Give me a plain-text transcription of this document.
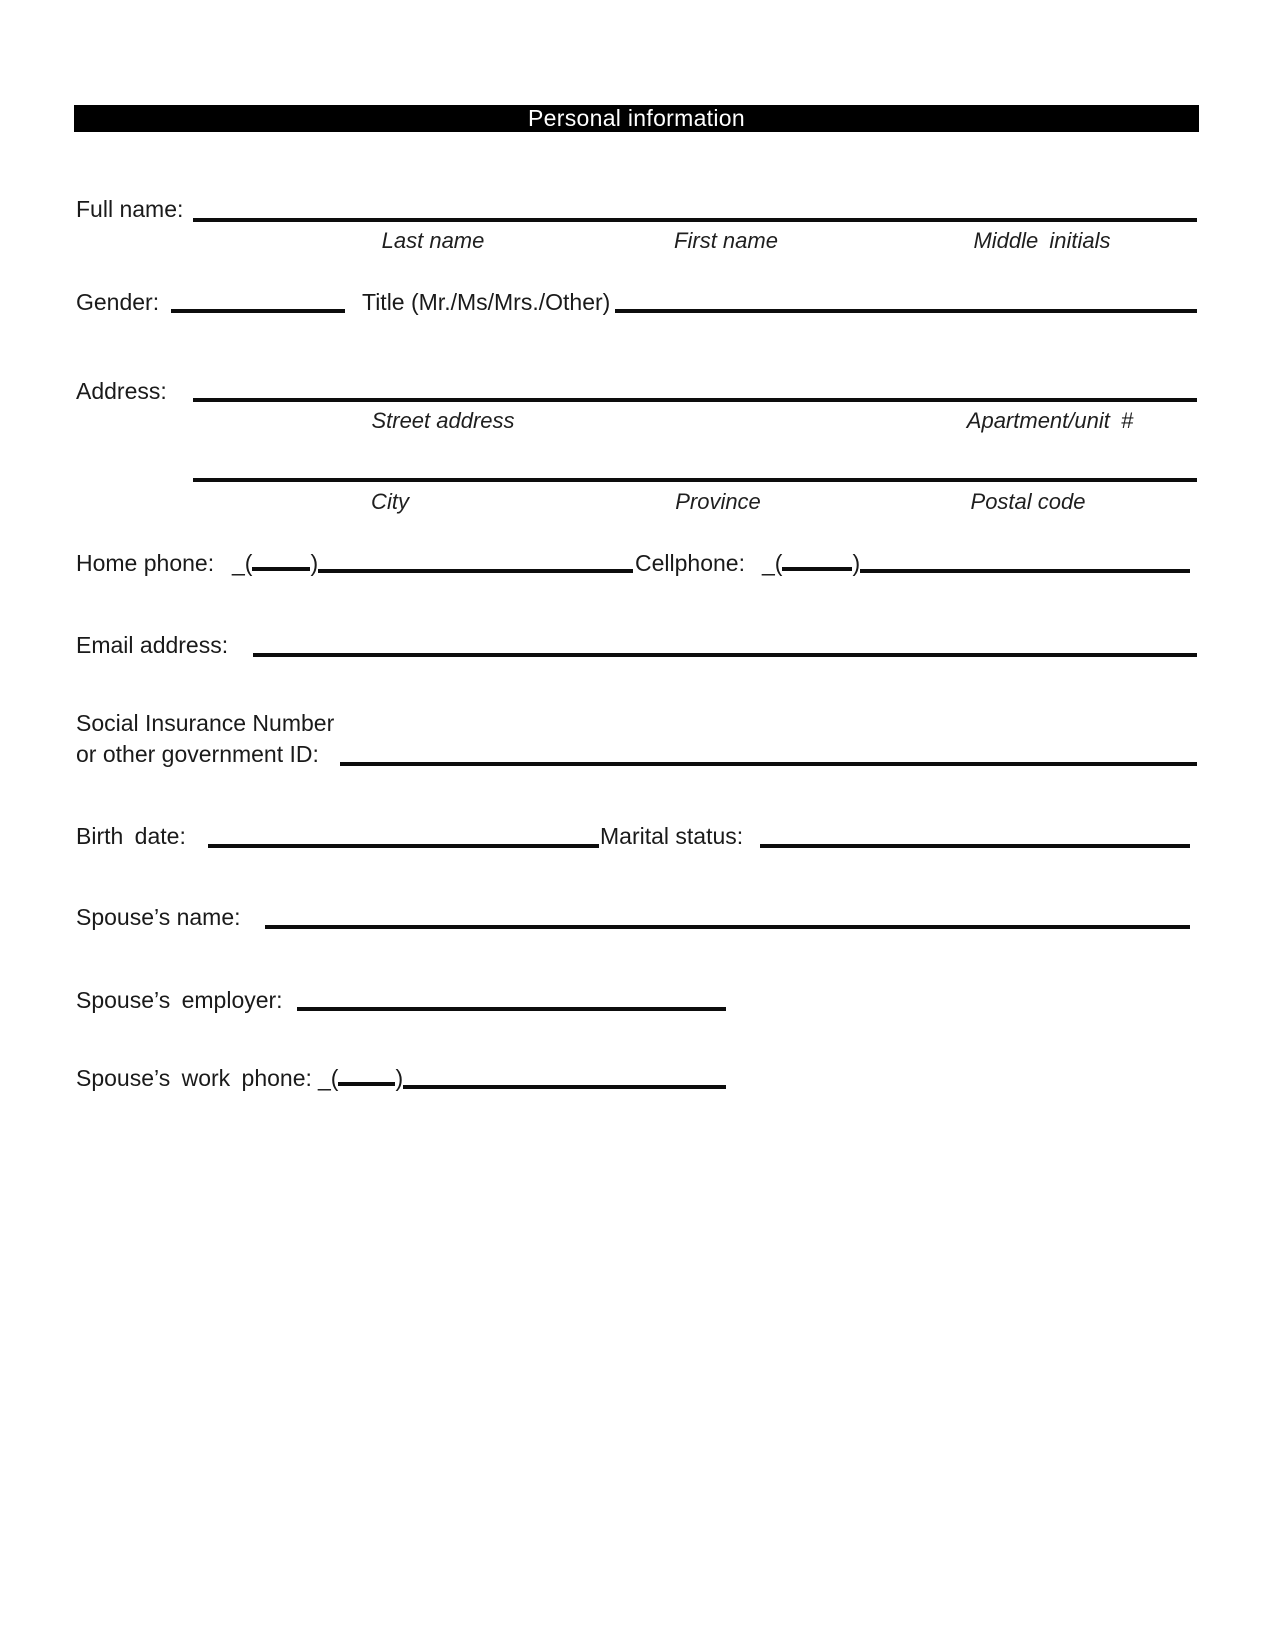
Personal information
Full name:
Last name	First name	Middle initials
Gender:	Title (Mr./Ms/Mrs./Other)
Address:
Street address	Apartment/unit #
City	Province	Postal code
Home phone: _(	)	Cellphone: _(	)
Email address:
Social Insurance Number
or other government ID:
Birth date:	Marital status:
Spouse’s name:
Spouse’s employer:
Spouse’s work phone: _( )
